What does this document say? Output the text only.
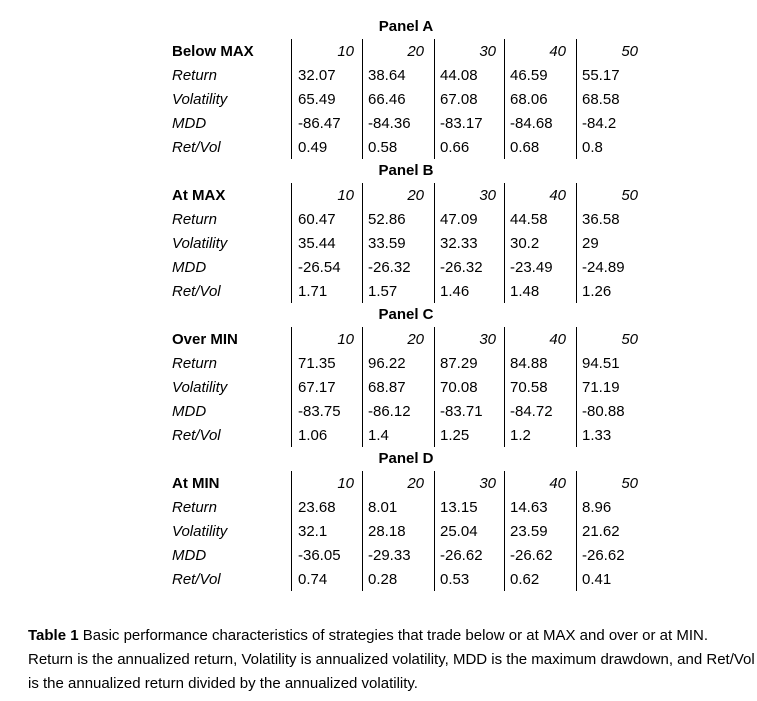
Panel A
Below MAX	10	20	30	40	50
Return	32.07	38.64	44.08	46.59	55.17
Volatility	65.49	66.46	67.08	68.06	68.58
MDD	-86.47	-84.36	-83.17	-84.68	-84.2
Ret/Vol	0.49	0.58	0.66	0.68	0.8
Panel B
At MAX	10	20	30	40	50
Return	60.47	52.86	47.09	44.58	36.58
Volatility	35.44	33.59	32.33	30.2	29
MDD	-26.54	-26.32	-26.32	-23.49	-24.89
Ret/Vol	1.71	1.57	1.46	1.48	1.26
Panel C
Over MIN	10	20	30	40	50
Return	71.35	96.22	87.29	84.88	94.51
Volatility	67.17	68.87	70.08	70.58	71.19
MDD	-83.75	-86.12	-83.71	-84.72	-80.88
Ret/Vol	1.06	1.4	1.25	1.2	1.33
Panel D
At MIN	10	20	30	40	50
Return	23.68	8.01	13.15	14.63	8.96
Volatility	32.1	28.18	25.04	23.59	21.62
MDD	-36.05	-29.33	-26.62	-26.62	-26.62
Ret/Vol	0.74	0.28	0.53	0.62	0.41
Table 1 Basic performance characteristics of strategies that trade below or at MAX and over or at MIN. Return is the annualized return, Volatility is annualized volatility, MDD is the maximum drawdown, and Ret/Vol is the annualized return divided by the annualized volatility.
